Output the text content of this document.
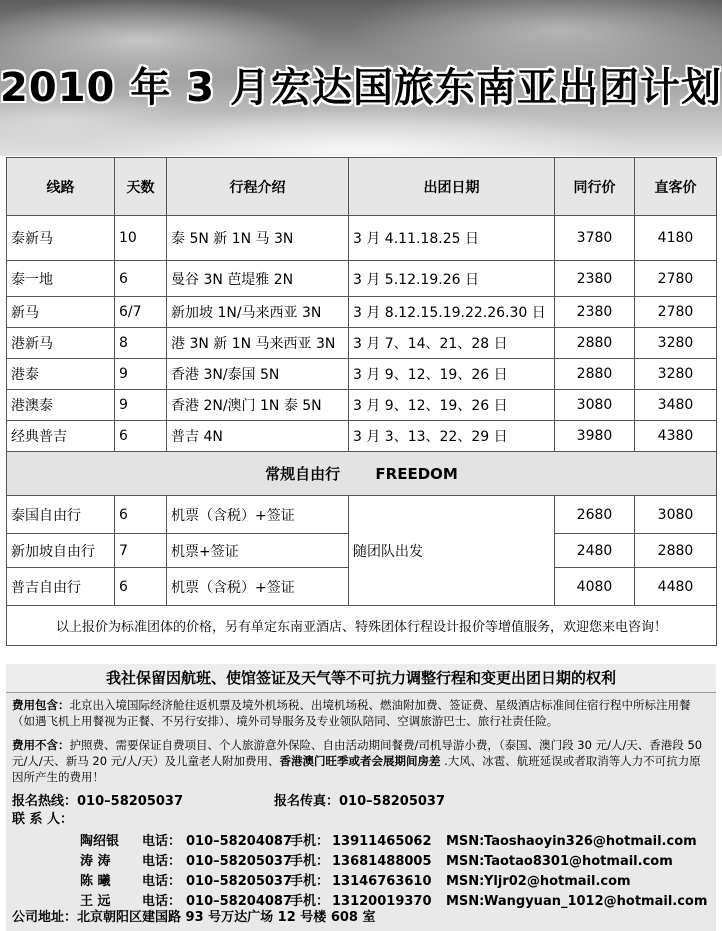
2010 年 3 月宏达国旅东南亚出团计划
线路	天数	行程介绍	出团日期	同行价	直客价
泰新马	10	泰 5N 新 1N 马 3N	3 月 4.11.18.25 日	3780	4180
泰一地	6	曼谷 3N 芭堤雅 2N	3 月 5.12.19.26 日	2380	2780
新马	6/7	新加坡 1N/马来西亚 3N	3 月 8.12.15.19.22.26.30 日	2380	2780
港新马	8	港 3N 新 1N 马来西亚 3N	3 月 7、14、21、28 日	2880	3280
港泰	9	香港 3N/泰国 5N	3 月 9、12、19、26 日	2880	3280
港澳泰	9	香港 2N/澳门 1N 泰 5N	3 月 9、12、19、26 日	3080	3480
经典普吉	6	普吉 4N	3 月 3、13、22、29 日	3980	4380
常规自由行 FREEDOM					
泰国自由行	6	机票（含税）+签证	随团队出发	2680	3080
新加坡自由行	7	机票+签证		2480	2880
普吉自由行	6	机票（含税）+签证		4080	4480
以上报价为标准团体的价格，另有单定东南亚酒店、特殊团体行程设计报价等增值服务，欢迎您来电咨询！					
我社保留因航班、使馆签证及天气等不可抗力调整行程和变更出团日期的权利
费用包含：北京出入境国际经济舱往返机票及境外机场税、出境机场税、燃油附加费、签证费、星级酒店标准间住宿行程中所标注用餐（如遇飞机上用餐视为正餐、不另行安排）、境外司导服务及专业领队陪同、空调旅游巴士、旅行社责任险。
费用不含：护照费、需要保证自费项目、个人旅游意外保险、自由活动期间餐费/司机导游小费，（泰国、澳门段 30 元/人/天、香港段 50 元/人/天、新马 20 元/人/天）及儿童老人附加费用、香港澳门旺季或者会展期间房差 .大风、冰雹、航班延误或者取消等人力不可抗力原因所产生的费用！
报名热线：010–58205037	报名传真：010–58205037
联 系 人：
陶绍银 电话： 010–58204087
手机： 13911465062 MSN: Taoshaoyin326@hotmail.com
涛 涛 电话： 010–58205037
手机： 13681488005 MSN: Taotao8301@hotmail.com
陈 曦 电话： 010–58205037
手机： 13146763610 MSN: Yljr02@hotmail.com
王 远 电话： 010–58204087
手机： 13120019370 MSN: Wangyuan_1012@hotmail.com
公司地址：北京朝阳区建国路 93 号万达广场 12 号楼 608 室
